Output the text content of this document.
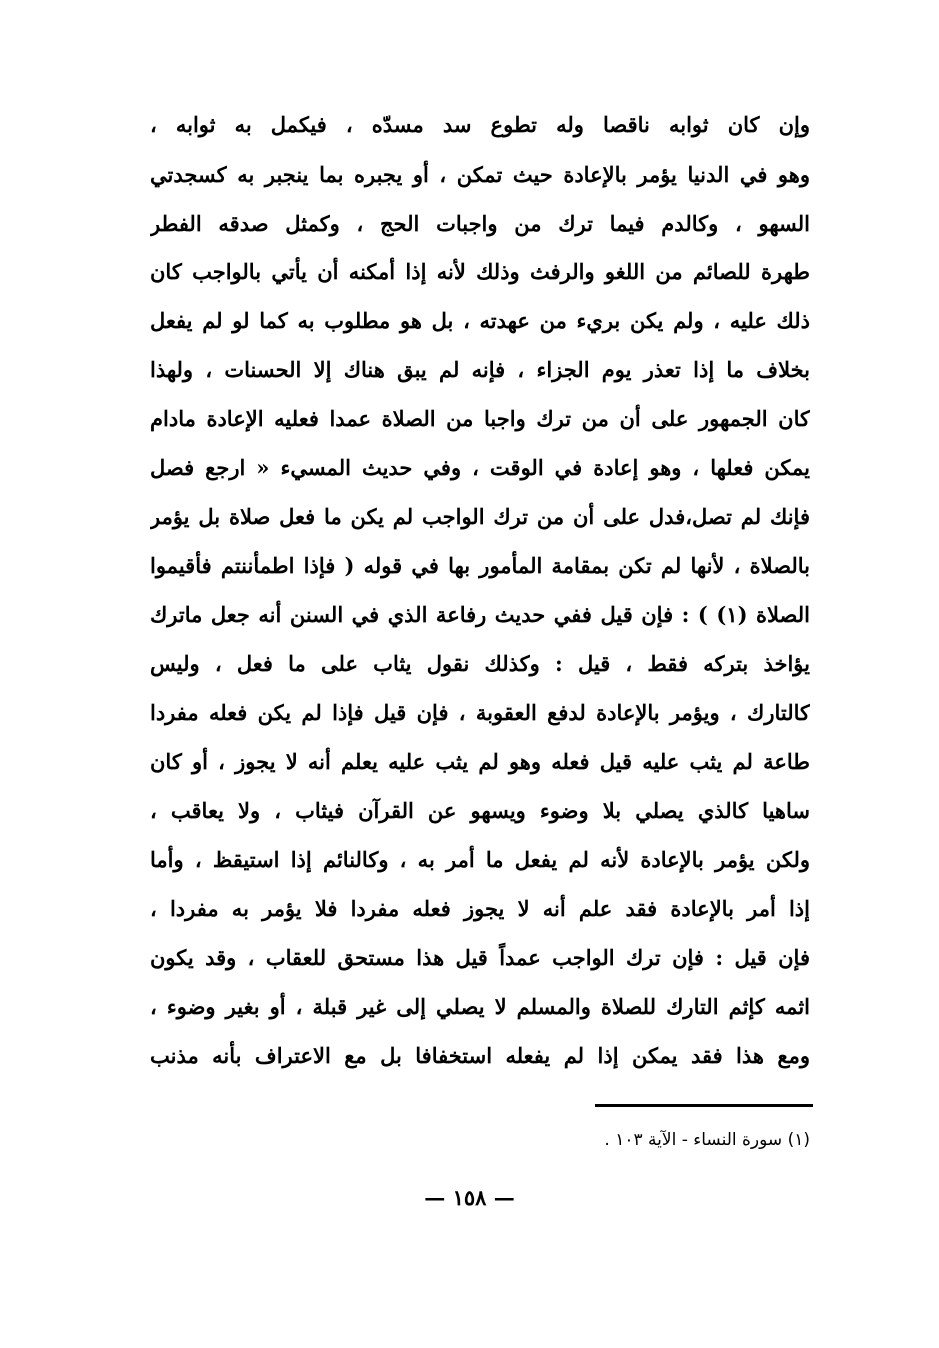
وإن كان ثوابه ناقصا وله تطوع سد مسدّه ، فيكمل به ثوابه ،
وهو في الدنيا يؤمر بالإعادة حيث تمكن ، أو يجبره بما ينجبر به كسجدتي
السهو ، وكالدم فيما ترك من واجبات الحج ، وكمثل صدقه الفطر
طهرة للصائم من اللغو والرفث وذلك لأنه إذا أمكنه أن يأتي بالواجب كان
ذلك عليه ، ولم يكن بريء من عهدته ، بل هو مطلوب به كما لو لم يفعل
بخلاف ما إذا تعذر يوم الجزاء ، فإنه لم يبق هناك إلا الحسنات ، ولهذا
كان الجمهور على أن من ترك واجبا من الصلاة عمدا فعليه الإعادة مادام
يمكن فعلها ، وهو إعادة في الوقت ، وفي حديث المسيء « ارجع فصل
فإنك لم تصل،فدل على أن من ترك الواجب لم يكن ما فعل صلاة بل يؤمر
بالصلاة ، لأنها لم تكن بمقامة المأمور بها في قوله ( فإذا اطمأننتم فأقيموا
الصلاة (١) ) : فإن قيل ففي حديث رفاعة الذي في السنن أنه جعل ماترك
يؤاخذ بتركه فقط ، قيل : وكذلك نقول يثاب على ما فعل ، وليس
كالتارك ، ويؤمر بالإعادة لدفع العقوبة ، فإن قيل فإذا لم يكن فعله مفردا
طاعة لم يثب عليه قيل فعله وهو لم يثب عليه يعلم أنه لا يجوز ، أو كان
ساهيا كالذي يصلي بلا وضوء ويسهو عن القرآن فيثاب ، ولا يعاقب ،
ولكن يؤمر بالإعادة لأنه لم يفعل ما أمر به ، وكالنائم إذا استيقظ ، وأما
إذا أمر بالإعادة فقد علم أنه لا يجوز فعله مفردا فلا يؤمر به مفردا ،
فإن قيل : فإن ترك الواجب عمداً قيل هذا مستحق للعقاب ، وقد يكون
اثمه كإثم التارك للصلاة والمسلم لا يصلي إلى غير قبلة ، أو بغير وضوء ،
ومع هذا فقد يمكن إذا لم يفعله استخفافا بل مع الاعتراف بأنه مذنب
(١) سورة النساء - الآية ١٠٣ .
— ١٥٨ —
